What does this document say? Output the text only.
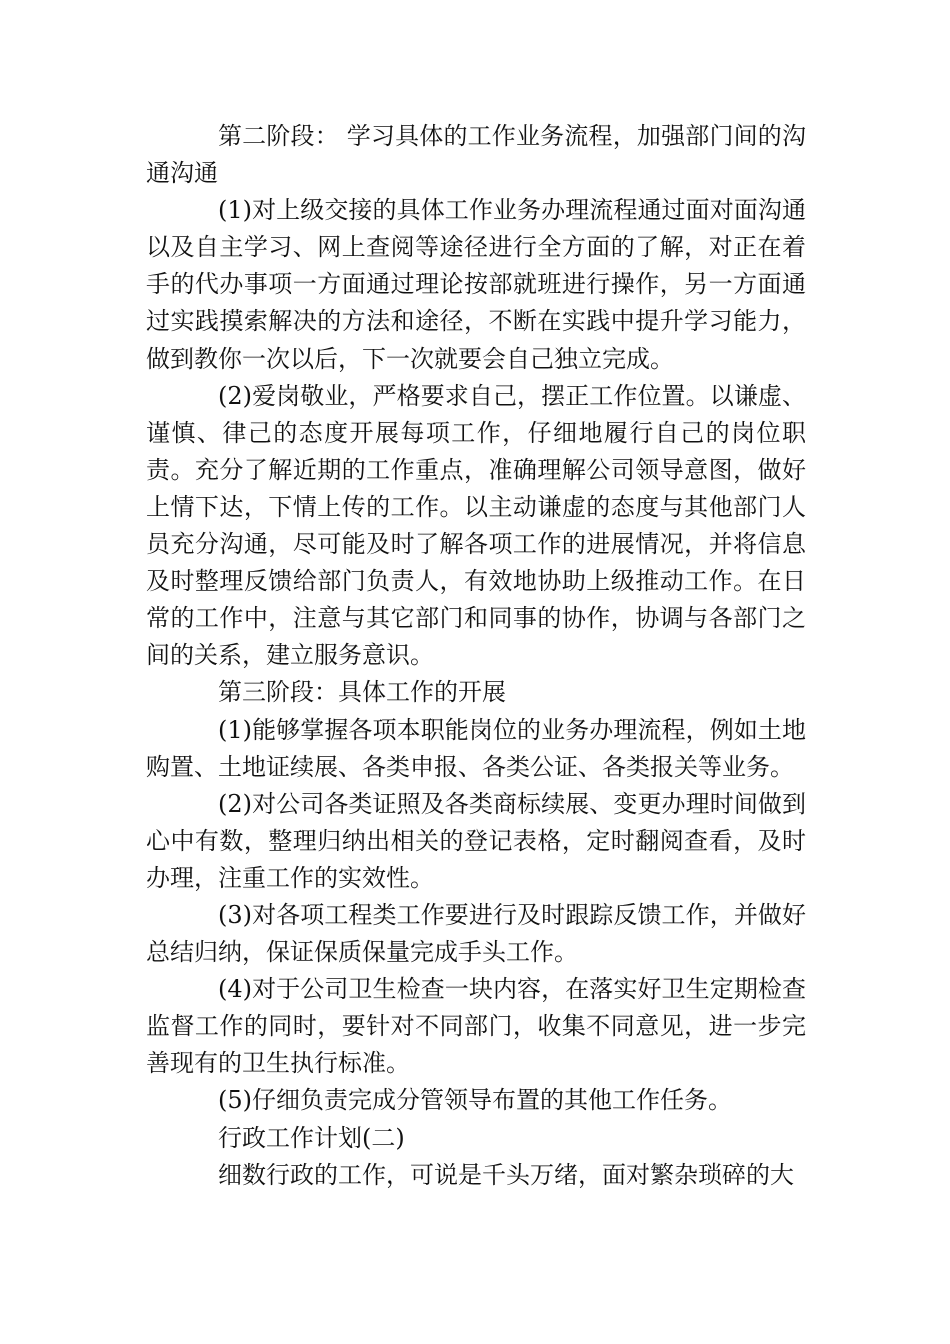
第二阶段： 学习具体的工作业务流程，加强部门间的沟通沟通

(1)对上级交接的具体工作业务办理流程通过面对面沟通以及自主学习、网上查阅等途径进行全方面的了解，对正在着手的代办事项一方面通过理论按部就班进行操作，另一方面通过实践摸索解决的方法和途径，不断在实践中提升学习能力，做到教你一次以后，下一次就要会自己独立完成。

(2)爱岗敬业，严格要求自己，摆正工作位置。以谦虚、谨慎、律己的态度开展每项工作，仔细地履行自己的岗位职责。充分了解近期的工作重点，准确理解公司领导意图，做好上情下达，下情上传的工作。以主动谦虚的态度与其他部门人员充分沟通，尽可能及时了解各项工作的进展情况，并将信息及时整理反馈给部门负责人，有效地协助上级推动工作。在日常的工作中，注意与其它部门和同事的协作，协调与各部门之间的关系，建立服务意识。

第三阶段：具体工作的开展

(1)能够掌握各项本职能岗位的业务办理流程，例如土地购置、土地证续展、各类申报、各类公证、各类报关等业务。

(2)对公司各类证照及各类商标续展、变更办理时间做到心中有数，整理归纳出相关的登记表格，定时翻阅查看，及时办理，注重工作的实效性。

(3)对各项工程类工作要进行及时跟踪反馈工作，并做好总结归纳，保证保质保量完成手头工作。

(4)对于公司卫生检查一块内容，在落实好卫生定期检查监督工作的同时，要针对不同部门，收集不同意见，进一步完善现有的卫生执行标准。

(5)仔细负责完成分管领导布置的其他工作任务。

行政工作计划(二)

细数行政的工作，可说是千头万绪，面对繁杂琐碎的大
